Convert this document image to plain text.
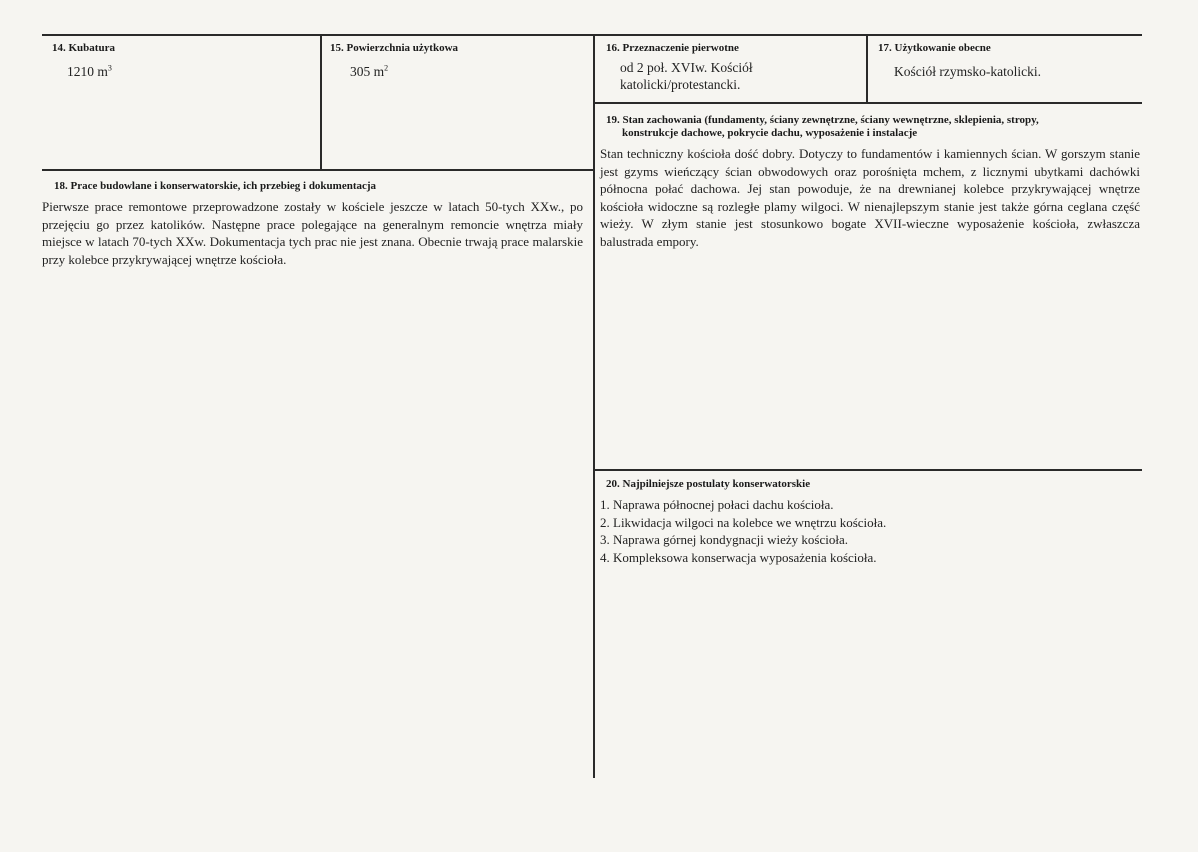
14. Kubatura
1210 $m^3$
15. Powierzchnia użytkowa
305 $m^2$
16. Przeznaczenie pierwotne
od 2 poł. XVIw. Kościół
katolicki/protestancki.
17. Użytkowanie obecne
Kościół rzymsko-katolicki.
19. Stan zachowania (fundamenty, ściany zewnętrzne, ściany wewnętrzne, sklepienia, stropy,
konstrukcje dachowe, pokrycie dachu, wyposażenie i instalacje
Stan techniczny kościoła dość dobry. Dotyczy to fundamentów i kamiennych ścian. W gorszym stanie jest gzyms wieńczący ścian obwodowych oraz porośnięta mchem, z licznymi ubytkami dachówki północna połać dachowa. Jej stan powoduje, że na drewnianej kolebce przykrywającej wnętrze kościoła widoczne są rozległe plamy wilgoci. W nienajlepszym stanie jest także górna ceglana część wieży. W złym stanie jest stosunkowo bogate XVII-wieczne wyposażenie kościoła, zwłaszcza balustrada empory.
18. Prace budowlane i konserwatorskie, ich przebieg i dokumentacja
Pierwsze prace remontowe przeprowadzone zostały w kościele jeszcze w latach 50-tych XXw., po przejęciu go przez katolików. Następne prace polegające na generalnym remoncie wnętrza miały miejsce w latach 70-tych XXw. Dokumentacja tych prac nie jest znana. Obecnie trwają prace malarskie przy kolebce przykrywającej wnętrze kościoła.
20. Najpilniejsze postulaty konserwatorskie
1. Naprawa północnej połaci dachu kościoła.
2. Likwidacja wilgoci na kolebce we wnętrzu kościoła.
3. Naprawa górnej kondygnacji wieży kościoła.
4. Kompleksowa konserwacja wyposażenia kościoła.
